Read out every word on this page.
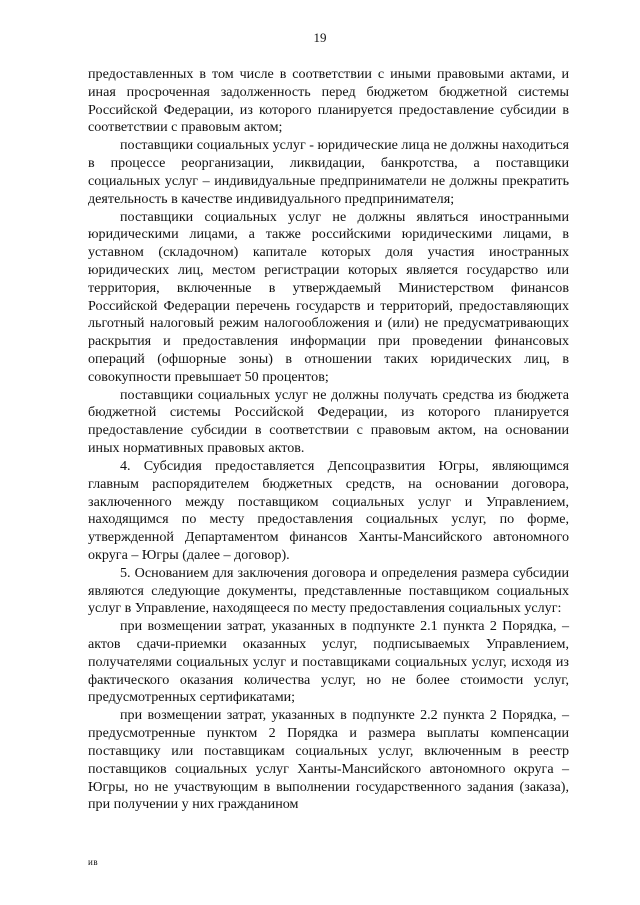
19

предоставленных в том числе в соответствии с иными правовыми актами, и иная просроченная задолженность перед бюджетом бюджетной системы Российской Федерации, из которого планируется предоставление субсидии в соответствии с правовым актом;

поставщики социальных услуг - юридические лица не должны находиться в процессе реорганизации, ликвидации, банкротства, а поставщики социальных услуг – индивидуальные предприниматели не должны прекратить деятельность в качестве индивидуального предпринимателя;

поставщики социальных услуг не должны являться иностранными юридическими лицами, а также российскими юридическими лицами, в уставном (складочном) капитале которых доля участия иностранных юридических лиц, местом регистрации которых является государство или территория, включенные в утверждаемый Министерством финансов Российской Федерации перечень государств и территорий, предоставляющих льготный налоговый режим налогообложения и (или) не предусматривающих раскрытия и предоставления информации при проведении финансовых операций (офшорные зоны) в отношении таких юридических лиц, в совокупности превышает 50 процентов;

поставщики социальных услуг не должны получать средства из бюджета бюджетной системы Российской Федерации, из которого планируется предоставление субсидии в соответствии с правовым актом, на основании иных нормативных правовых актов.

4. Субсидия предоставляется Депсоцразвития Югры, являющимся главным распорядителем бюджетных средств, на основании договора, заключенного между поставщиком социальных услуг и Управлением, находящимся по месту предоставления социальных услуг, по форме, утвержденной Департаментом финансов Ханты-Мансийского автономного округа – Югры (далее – договор).

5. Основанием для заключения договора и определения размера субсидии являются следующие документы, представленные поставщиком социальных услуг в Управление, находящееся по месту предоставления социальных услуг:

при возмещении затрат, указанных в подпункте 2.1 пункта 2 Порядка, – актов сдачи-приемки оказанных услуг, подписываемых Управлением, получателями социальных услуг и поставщиками социальных услуг, исходя из фактического оказания количества услуг, но не более стоимости услуг, предусмотренных сертификатами;

при возмещении затрат, указанных в подпункте 2.2 пункта 2 Порядка, – предусмотренные пунктом 2 Порядка и размера выплаты компенсации поставщику или поставщикам социальных услуг, включенным в реестр поставщиков социальных услуг Ханты-Мансийского автономного округа – Югры, но не участвующим в выполнении государственного задания (заказа), при получении у них гражданином

ив
